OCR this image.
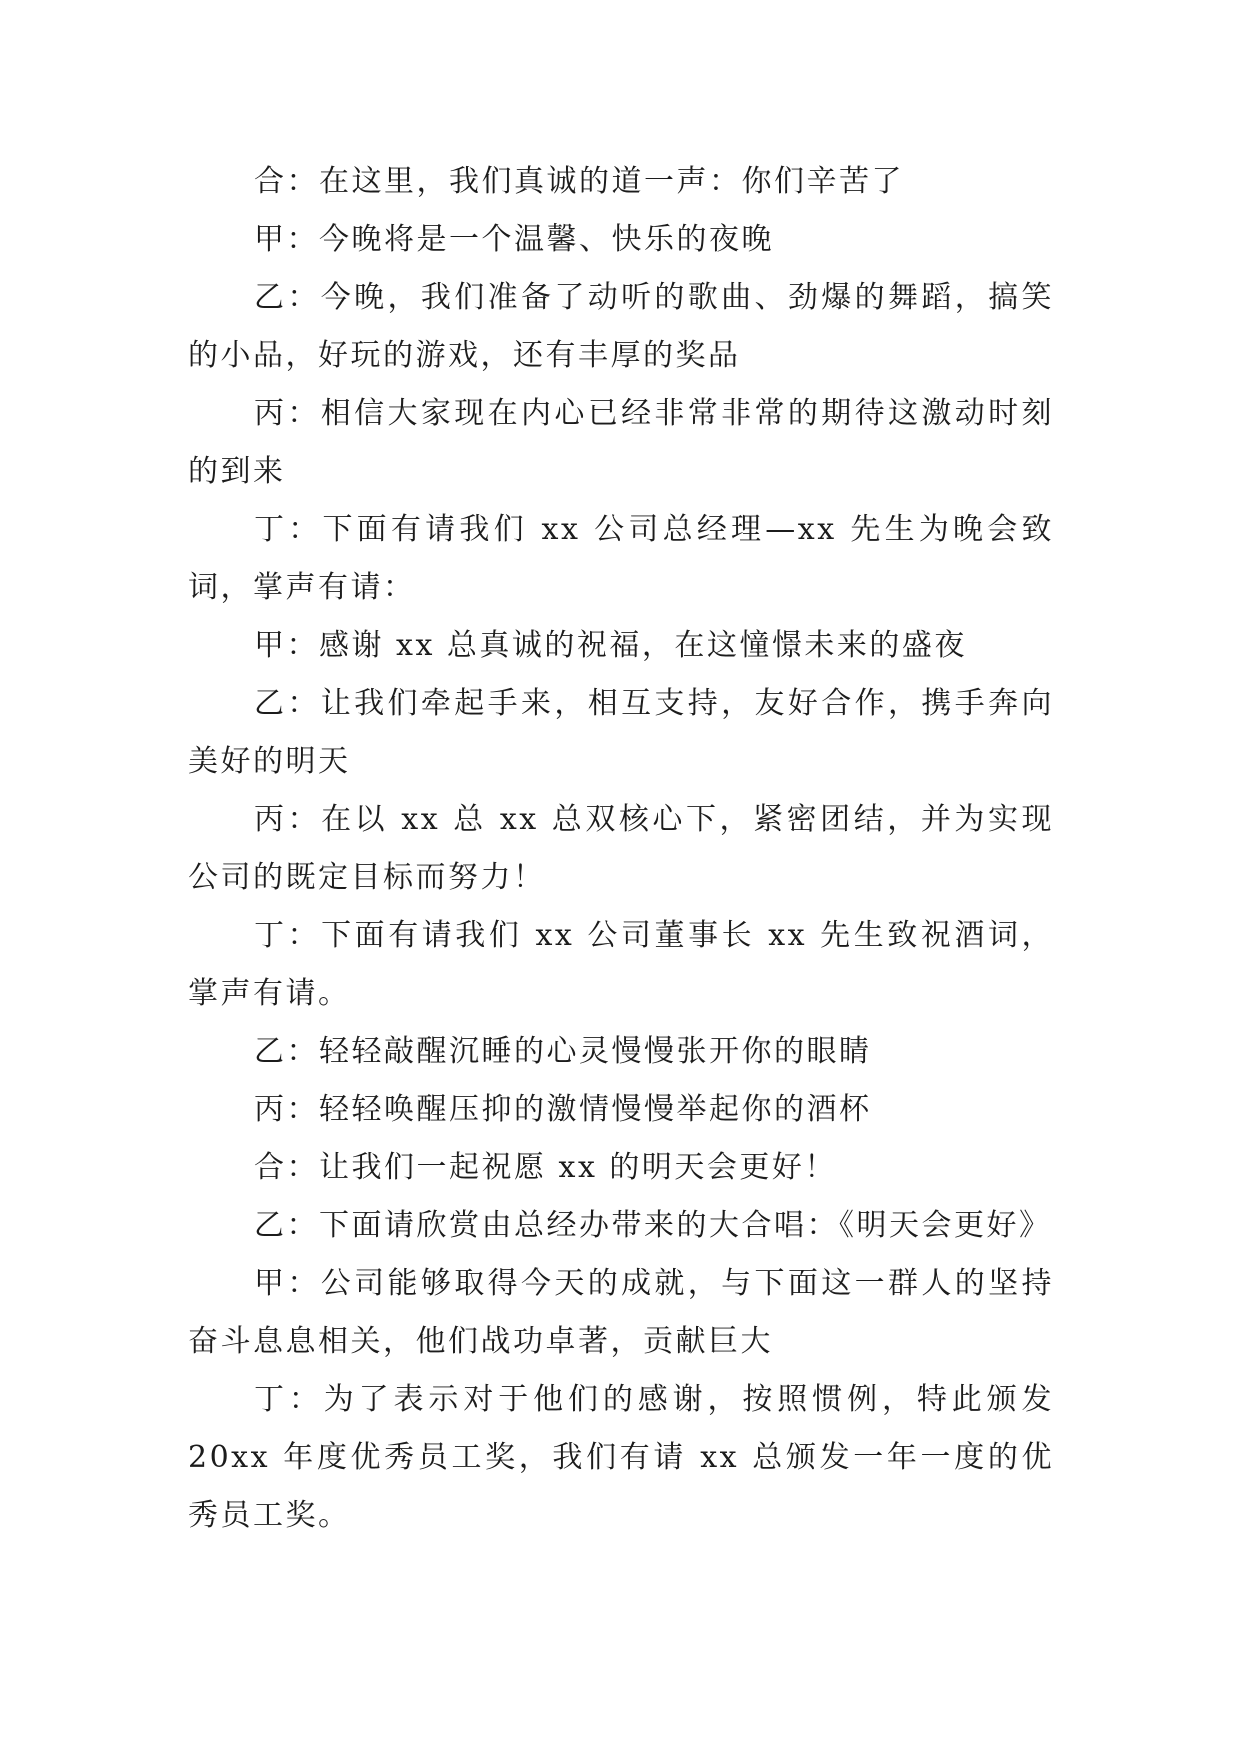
合：在这里，我们真诚的道一声：你们辛苦了

甲：今晚将是一个温馨、快乐的夜晚

乙：今晚，我们准备了动听的歌曲、劲爆的舞蹈，搞笑的小品，好玩的游戏，还有丰厚的奖品

丙：相信大家现在内心已经非常非常的期待这激动时刻的到来

丁：下面有请我们 xx 公司总经理—xx 先生为晚会致词，掌声有请：

甲：感谢 xx 总真诚的祝福，在这憧憬未来的盛夜

乙：让我们牵起手来，相互支持，友好合作，携手奔向美好的明天

丙：在以 xx 总 xx 总双核心下，紧密团结，并为实现公司的既定目标而努力！

丁：下面有请我们 xx 公司董事长 xx 先生致祝酒词，掌声有请。

乙：轻轻敲醒沉睡的心灵慢慢张开你的眼睛

丙：轻轻唤醒压抑的激情慢慢举起你的酒杯

合：让我们一起祝愿 xx 的明天会更好！

乙：下面请欣赏由总经办带来的大合唱：《明天会更好》

甲：公司能够取得今天的成就，与下面这一群人的坚持奋斗息息相关，他们战功卓著，贡献巨大

丁：为了表示对于他们的感谢，按照惯例，特此颁发 20xx 年度优秀员工奖，我们有请 xx 总颁发一年一度的优秀员工奖。
